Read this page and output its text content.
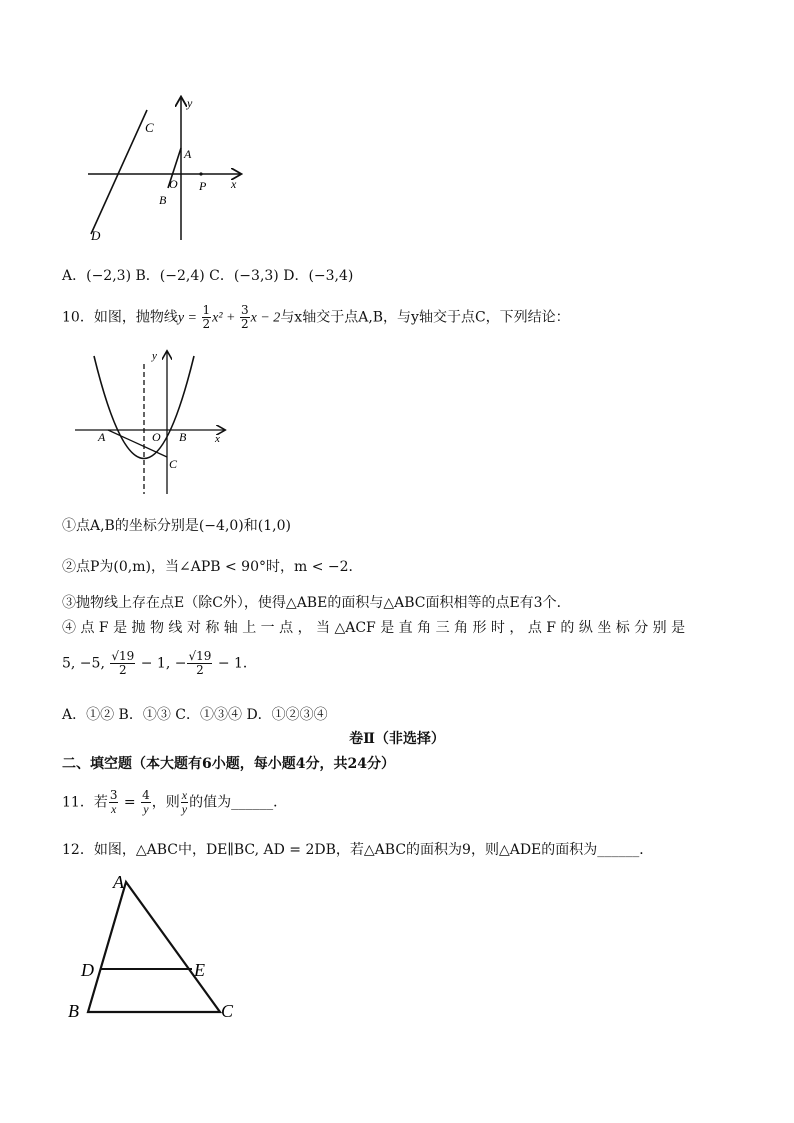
y
C
A
O P x
B
D
A．(−2,3) B．(−2,4) C．(−3,3) D．(−3,4)
10．如图，抛物线$y = \frac{1}{2} x^2 + \frac{3}{2}$ x − 2与x轴交于点A,B，与y轴交于点C，下列结论：
y
A	O B	x
C
①点A,B的坐标分别是(−4,0)和(1,0)
②点P为(0,m)，当∠APB < 90°时，m < −2．
③抛物线上存在点E（除C外），使得△ABE的面积与△ABC面积相等的点E有3个．
④ 点 F 是 抛 物 线 对 称 轴 上 一 点 ， 当 △ACF 是 直 角 三 角 形 时 ， 点 F 的 纵 坐 标 分 别 是
5, −5, $\frac{√19}{2} - 1$, − $\frac{√19}{2} - 1$．
A．①② B．①③ C．①③④ D．①②③④
卷Ⅱ（非选择）
二、填空题（本大题有6小题，每小题4分，共24分）
11．若 $\frac{3}{x} = \frac{4}{y}$ ，则 $\frac{x}{y}$ 的值为______．
12．如图，△ABC中，DE∥BC, AD = 2DB，若△ABC的面积为9，则△ADE的面积为______．
A
D	E
B	C
